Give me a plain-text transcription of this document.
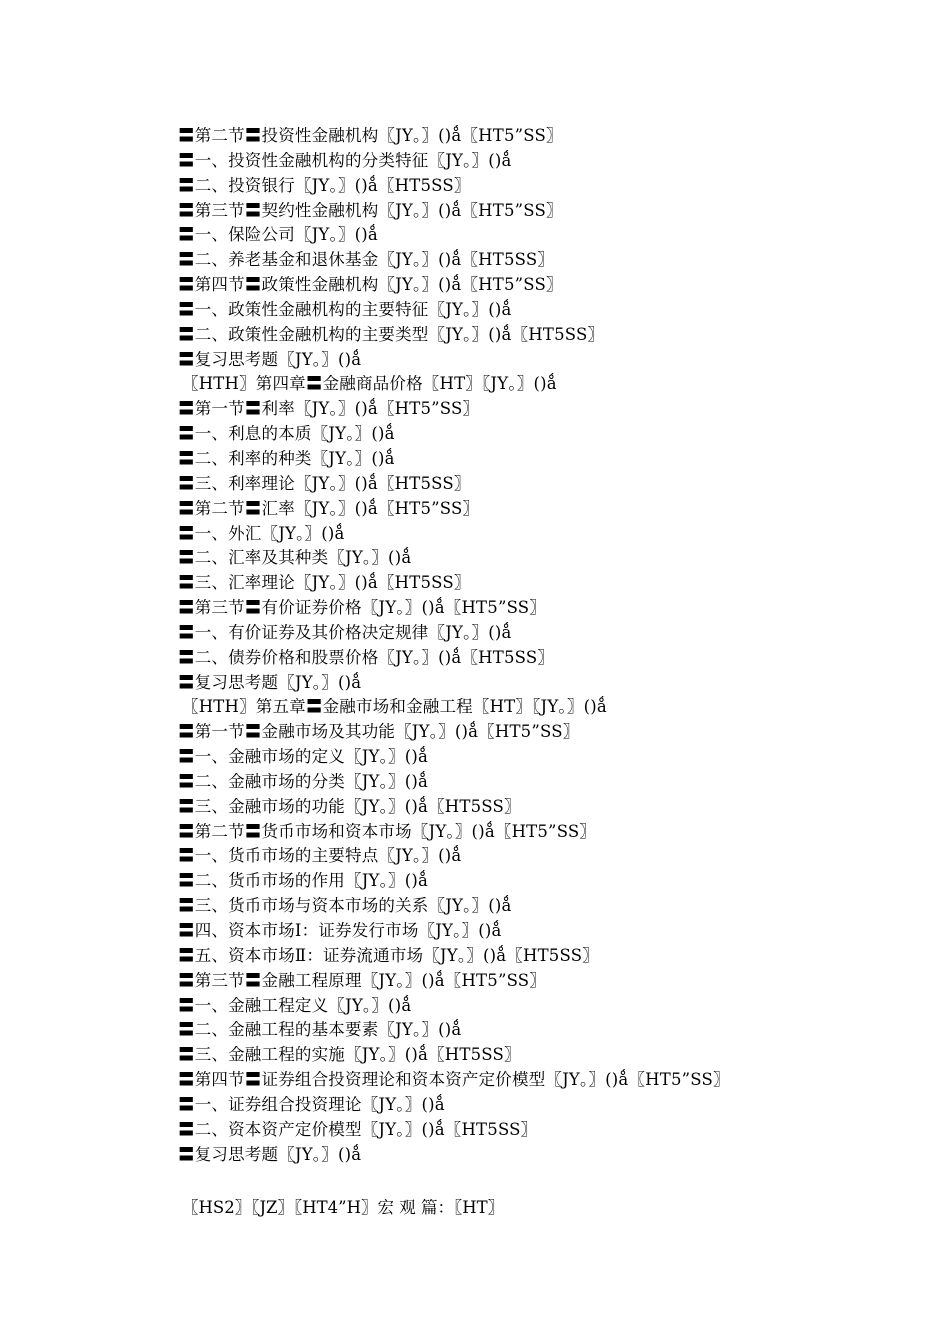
〓第二节〓投资性金融机构〖JY。〗()ǻ〖HT5”SS〗
〓一、投资性金融机构的分类特征〖JY。〗()ǻ
〓二、投资银行〖JY。〗()ǻ〖HT5SS〗
〓第三节〓契约性金融机构〖JY。〗()ǻ〖HT5”SS〗
〓一、保险公司〖JY。〗()ǻ
〓二、养老基金和退休基金〖JY。〗()ǻ〖HT5SS〗
〓第四节〓政策性金融机构〖JY。〗()ǻ〖HT5”SS〗
〓一、政策性金融机构的主要特征〖JY。〗()ǻ
〓二、政策性金融机构的主要类型〖JY。〗()ǻ〖HT5SS〗
〓复习思考题〖JY。〗()ǻ
〖HTH〗第四章〓金融商品价格〖HT〗〖JY。〗()ǻ
〓第一节〓利率〖JY。〗()ǻ〖HT5”SS〗
〓一、利息的本质〖JY。〗()ǻ
〓二、利率的种类〖JY。〗()ǻ
〓三、利率理论〖JY。〗()ǻ〖HT5SS〗
〓第二节〓汇率〖JY。〗()ǻ〖HT5”SS〗
〓一、外汇〖JY。〗()ǻ
〓二、汇率及其种类〖JY。〗()ǻ
〓三、汇率理论〖JY。〗()ǻ〖HT5SS〗
〓第三节〓有价证券价格〖JY。〗()ǻ〖HT5”SS〗
〓一、有价证券及其价格决定规律〖JY。〗()ǻ
〓二、债券价格和股票价格〖JY。〗()ǻ〖HT5SS〗
〓复习思考题〖JY。〗()ǻ
〖HTH〗第五章〓金融市场和金融工程〖HT〗〖JY。〗()ǻ
〓第一节〓金融市场及其功能〖JY。〗()ǻ〖HT5”SS〗
〓一、金融市场的定义〖JY。〗()ǻ
〓二、金融市场的分类〖JY。〗()ǻ
〓三、金融市场的功能〖JY。〗()ǻ〖HT5SS〗
〓第二节〓货币市场和资本市场〖JY。〗()ǻ〖HT5”SS〗
〓一、货币市场的主要特点〖JY。〗()ǻ
〓二、货币市场的作用〖JY。〗()ǻ
〓三、货币市场与资本市场的关系〖JY。〗()ǻ
〓四、资本市场Ⅰ：证券发行市场〖JY。〗()ǻ
〓五、资本市场Ⅱ：证券流通市场〖JY。〗()ǻ〖HT5SS〗
〓第三节〓金融工程原理〖JY。〗()ǻ〖HT5”SS〗
〓一、金融工程定义〖JY。〗()ǻ
〓二、金融工程的基本要素〖JY。〗()ǻ
〓三、金融工程的实施〖JY。〗()ǻ〖HT5SS〗
〓第四节〓证券组合投资理论和资本资产定价模型〖JY。〗()ǻ〖HT5”SS〗
〓一、证券组合投资理论〖JY。〗()ǻ
〓二、资本资产定价模型〖JY。〗()ǻ〖HT5SS〗
〓复习思考题〖JY。〗()ǻ
〖HS2〗〖JZ〗〖HT4”H〗宏 观 篇：〖HT〗
